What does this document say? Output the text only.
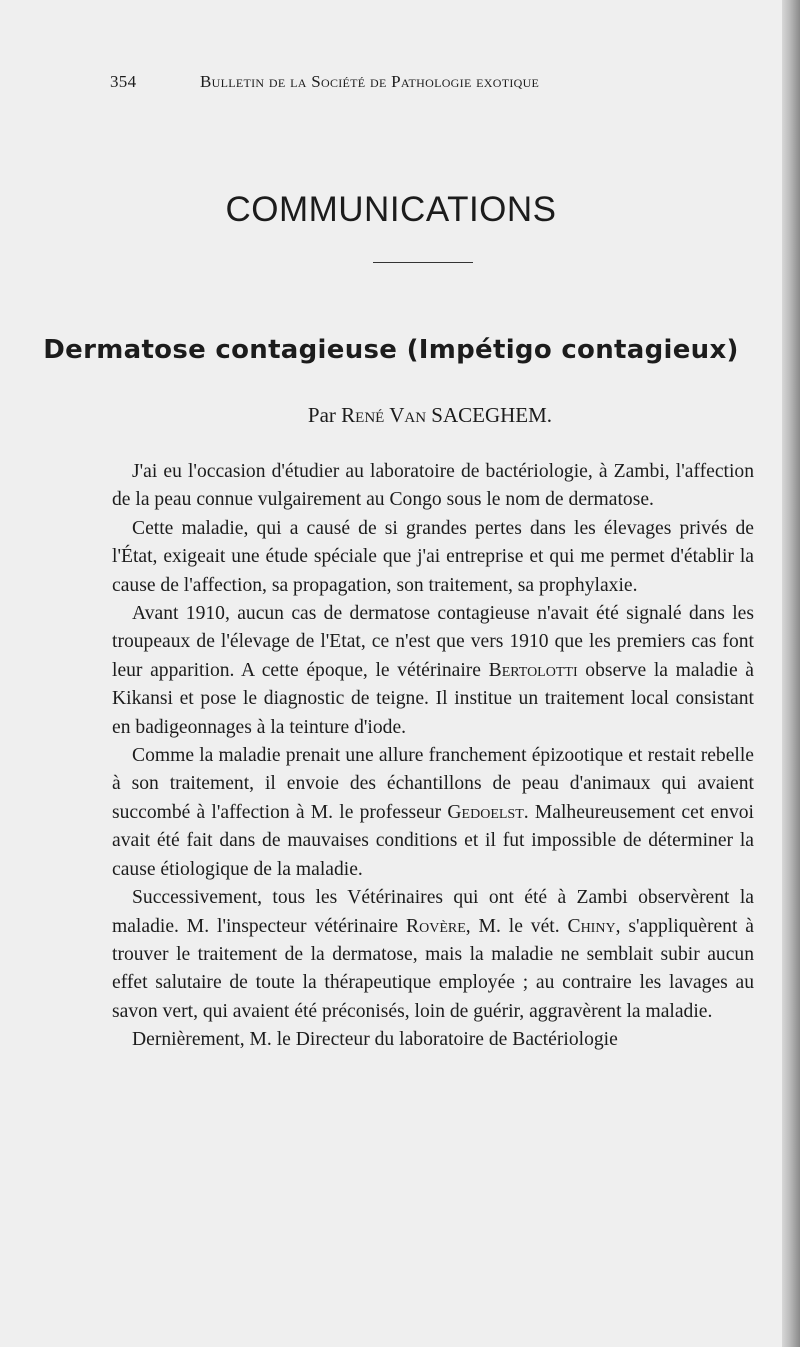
354	Bulletin de la Société de Pathologie exotique
COMMUNICATIONS
Dermatose contagieuse (Impétigo contagieux)
Par René Van SACEGHEM.

J'ai eu l'occasion d'étudier au laboratoire de bactériologie, à Zambi, l'affection de la peau connue vulgairement au Congo sous le nom de dermatose.

Cette maladie, qui a causé de si grandes pertes dans les élevages privés de l'État, exigeait une étude spéciale que j'ai entreprise et qui me permet d'établir la cause de l'affection, sa propagation, son traitement, sa prophylaxie.

Avant 1910, aucun cas de dermatose contagieuse n'avait été signalé dans les troupeaux de l'élevage de l'Etat, ce n'est que vers 1910 que les premiers cas font leur apparition. A cette époque, le vétérinaire Bertolotti observe la maladie à Kikansi et pose le diagnostic de teigne. Il institue un traitement local consistant en badigeonnages à la teinture d'iode.

Comme la maladie prenait une allure franchement épizootique et restait rebelle à son traitement, il envoie des échantillons de peau d'animaux qui avaient succombé à l'affection à M. le professeur Gedoelst. Malheureusement cet envoi avait été fait dans de mauvaises conditions et il fut impossible de déterminer la cause étiologique de la maladie.

Successivement, tous les Vétérinaires qui ont été à Zambi observèrent la maladie. M. l'inspecteur vétérinaire Rovère, M. le vét. Chiny, s'appliquèrent à trouver le traitement de la dermatose, mais la maladie ne semblait subir aucun effet salutaire de toute la thérapeutique employée ; au contraire les lavages au savon vert, qui avaient été préconisés, loin de guérir, aggravèrent la maladie.

Dernièrement, M. le Directeur du laboratoire de Bactériologie
